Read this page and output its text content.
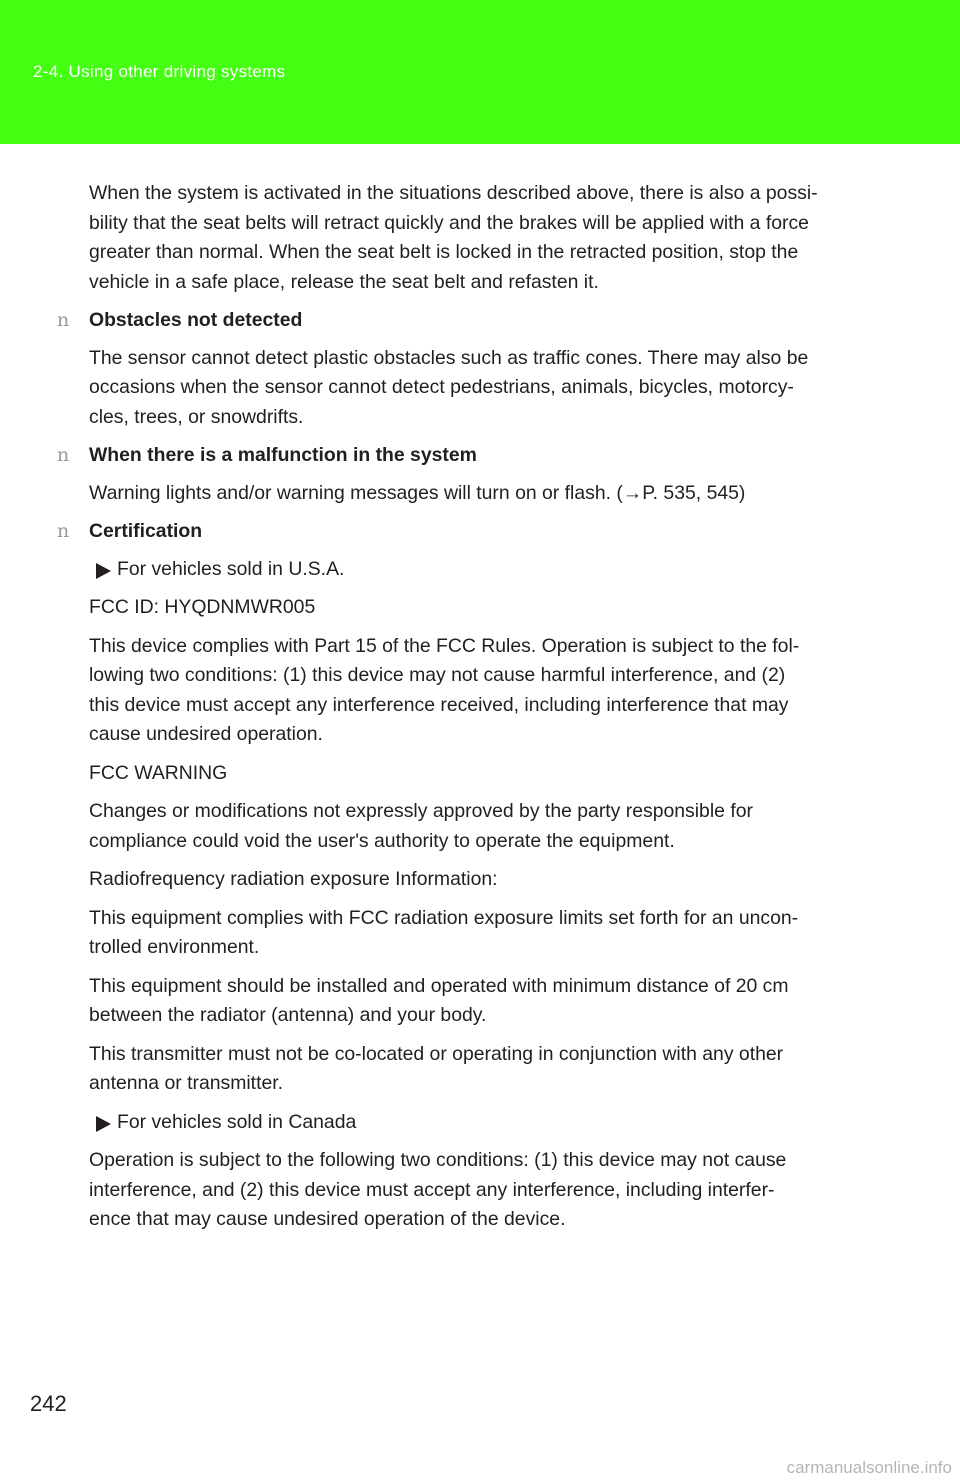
2-4. Using other driving systems

When the system is activated in the situations described above, there is also a possi-
bility that the seat belts will retract quickly and the brakes will be applied with a force
greater than normal. When the seat belt is locked in the retracted position, stop the
vehicle in a safe place, release the seat belt and refasten it.

n Obstacles not detected

The sensor cannot detect plastic obstacles such as traffic cones. There may also be
occasions when the sensor cannot detect pedestrians, animals, bicycles, motorcy-
cles, trees, or snowdrifts.

n When there is a malfunction in the system

Warning lights and/or warning messages will turn on or flash. (→P. 535, 545)

n Certification
For vehicles sold in U.S.A.

FCC ID: HYQDNMWR005

This device complies with Part 15 of the FCC Rules. Operation is subject to the fol-
lowing two conditions: (1) this device may not cause harmful interference, and (2)
this device must accept any interference received, including interference that may
cause undesired operation.

FCC WARNING

Changes or modifications not expressly approved by the party responsible for
compliance could void the user's authority to operate the equipment.

Radiofrequency radiation exposure Information:

This equipment complies with FCC radiation exposure limits set forth for an uncon-
trolled environment.

This equipment should be installed and operated with minimum distance of 20 cm
between the radiator (antenna) and your body.

This transmitter must not be co-located or operating in conjunction with any other
antenna or transmitter.

For vehicles sold in Canada

Operation is subject to the following two conditions: (1) this device may not cause
interference, and (2) this device must accept any interference, including interfer-
ence that may cause undesired operation of the device.

242
carmanualsonline.info
